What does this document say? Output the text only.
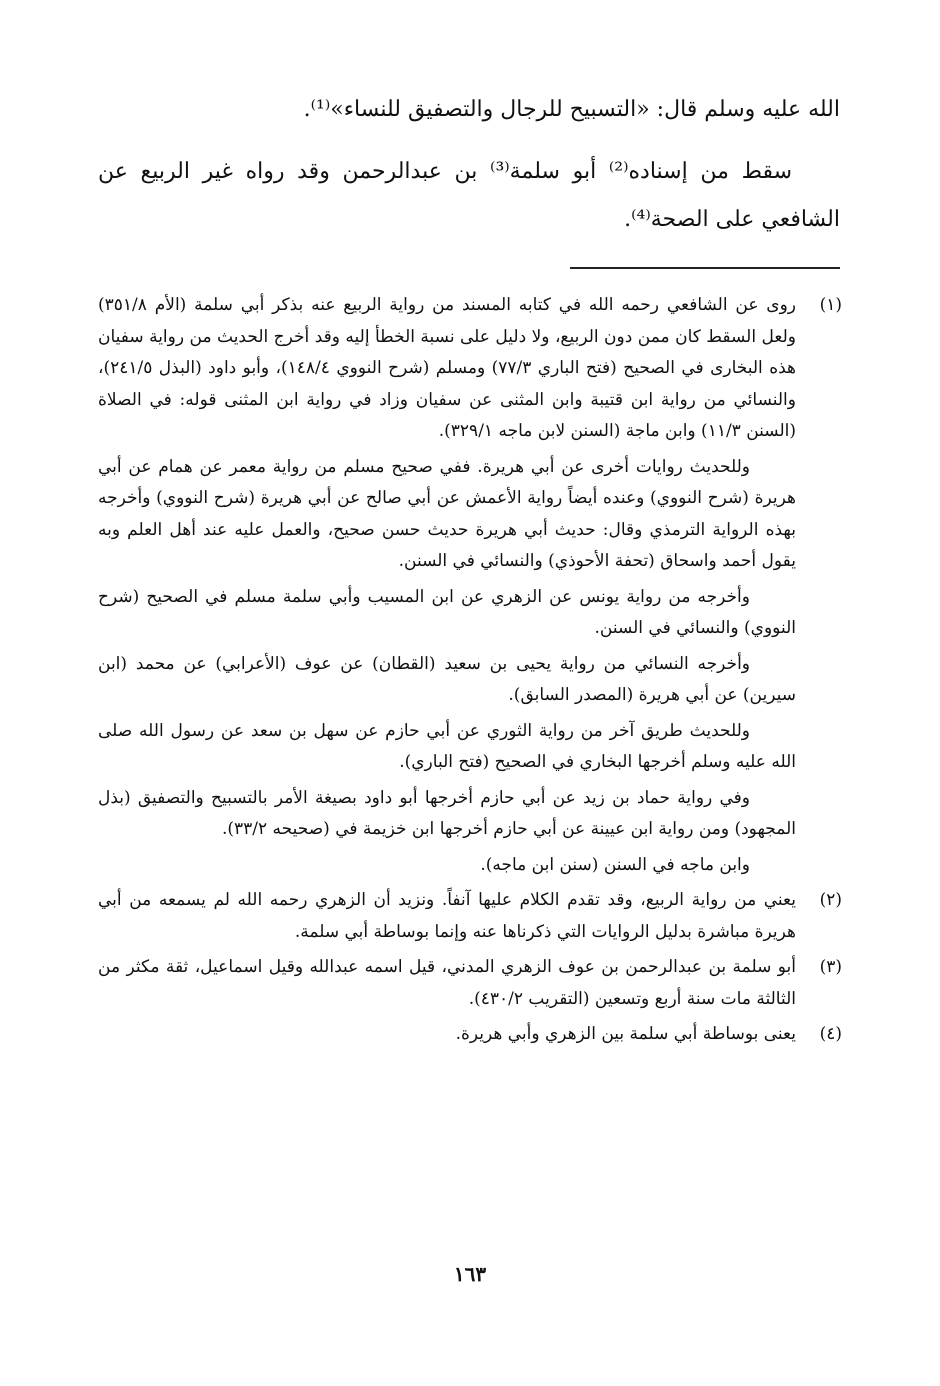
الله عليه وسلم قال: «التسبيح للرجال والتصفيق للنساء»⁽¹⁾.

سقط من إسناده⁽²⁾ أبو سلمة⁽³⁾ بن عبدالرحمن وقد رواه غير الربيع عن الشافعي على الصحة⁽⁴⁾.

(١)

روى عن الشافعي رحمه الله في كتابه المسند من رواية الربيع عنه بذكر أبي سلمة (الأم ٣٥١/٨) ولعل السقط كان ممن دون الربيع، ولا دليل على نسبة الخطأ إليه وقد أخرج الحديث من رواية سفيان هذه البخارى في الصحيح (فتح الباري ٧٧/٣) ومسلم (شرح النووي ١٤٨/٤)، وأبو داود (البذل ٢٤١/٥)، والنسائي من رواية ابن قتيبة وابن المثنى عن سفيان وزاد في رواية ابن المثنى قوله: في الصلاة (السنن ١١/٣) وابن ماجة (السنن لابن ماجه ٣٢٩/١).

وللحديث روايات أخرى عن أبي هريرة. ففي صحيح مسلم من رواية معمر عن همام عن أبي هريرة (شرح النووي) وعنده أيضاً رواية الأعمش عن أبي صالح عن أبي هريرة (شرح النووي) وأخرجه بهذه الرواية الترمذي وقال: حديث أبي هريرة حديث حسن صحيح، والعمل عليه عند أهل العلم وبه يقول أحمد واسحاق (تحفة الأحوذي) والنسائي في السنن.

وأخرجه من رواية يونس عن الزهري عن ابن المسيب وأبي سلمة مسلم في الصحيح (شرح النووي) والنسائي في السنن.

وأخرجه النسائي من رواية يحيى بن سعيد (القطان) عن عوف (الأعرابي) عن محمد (ابن سيرين) عن أبي هريرة (المصدر السابق).

وللحديث طريق آخر من رواية الثوري عن أبي حازم عن سهل بن سعد عن رسول الله صلى الله عليه وسلم أخرجها البخاري في الصحيح (فتح الباري).

وفي رواية حماد بن زيد عن أبي حازم أخرجها أبو داود بصيغة الأمر بالتسبيح والتصفيق (بذل المجهود) ومن رواية ابن عيينة عن أبي حازم أخرجها ابن خزيمة في (صحيحه ٣٣/٢).

وابن ماجه في السنن (سنن ابن ماجه).

(٢)

يعني من رواية الربيع، وقد تقدم الكلام عليها آنفاً. ونزيد أن الزهري رحمه الله لم يسمعه من أبي هريرة مباشرة بدليل الروايات التي ذكرناها عنه وإنما بوساطة أبي سلمة.

(٣)

أبو سلمة بن عبدالرحمن بن عوف الزهري المدني، قيل اسمه عبدالله وقيل اسماعيل، ثقة مكثر من الثالثة مات سنة أربع وتسعين (التقريب ٤٣٠/٢).

(٤)

يعنى بوساطة أبي سلمة بين الزهري وأبي هريرة.

١٦٣
